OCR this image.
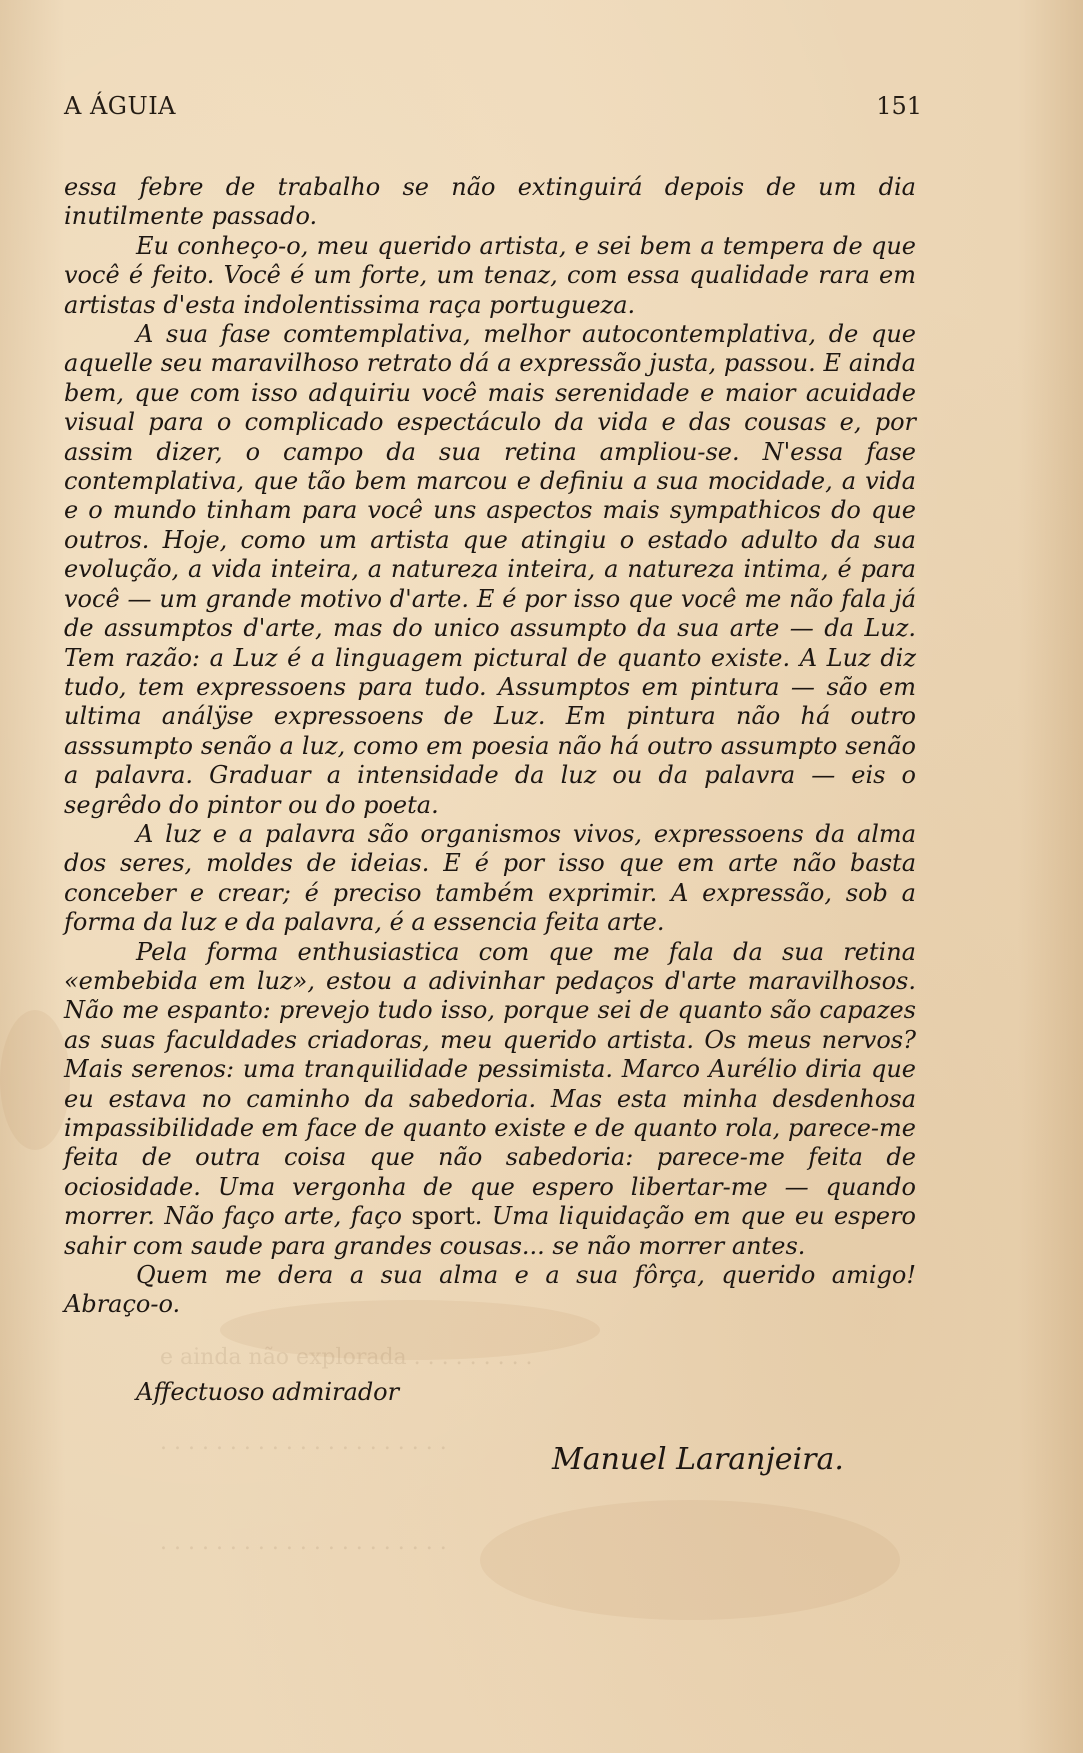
e ainda não explorada . . . . . . . . .
. . . . . . . . . . . . . . . . . . . . .
. . . . . . . . . . . . . . . . . . . . .
A ÁGUIA	151

essa febre de trabalho se não extinguirá depois de um dia inutilmente passado.

Eu conheço-o, meu querido artista, e sei bem a tempera de que você é feito. Você é um forte, um tenaz, com essa qualidade rara em artistas d'esta indolentissima raça portugueza.

A sua fase comtemplativa, melhor autocontemplativa, de que aquelle seu maravilhoso retrato dá a expressão justa, passou. E ainda bem, que com isso adquiriu você mais serenidade e maior acuidade visual para o complicado espectáculo da vida e das cousas e, por assim dizer, o campo da sua retina ampliou-se. N'essa fase contemplativa, que tão bem marcou e definiu a sua mocidade, a vida e o mundo tinham para você uns aspectos mais sympathicos do que outros. Hoje, como um artista que atingiu o estado adulto da sua evolução, a vida inteira, a natureza inteira, a natureza intima, é para você — um grande motivo d'arte. E é por isso que você me não fala já de assumptos d'arte, mas do unico assumpto da sua arte — da Luz. Tem razão: a Luz é a linguagem pictural de quanto existe. A Luz diz tudo, tem expressoens para tudo. Assumptos em pintura — são em ultima análÿse expressoens de Luz. Em pintura não há outro asssumpto senão a luz, como em poesia não há outro assumpto senão a palavra. Graduar a intensidade da luz ou da palavra — eis o segrêdo do pintor ou do poeta.

A luz e a palavra são organismos vivos, expressoens da alma dos seres, moldes de ideias. E é por isso que em arte não basta conceber e crear; é preciso também exprimir. A expressão, sob a forma da luz e da palavra, é a essencia feita arte.

Pela forma enthusiastica com que me fala da sua retina «embebida em luz», estou a adivinhar pedaços d'arte maravilhosos. Não me espanto: prevejo tudo isso, porque sei de quanto são capazes as suas faculdades criadoras, meu querido artista. Os meus nervos? Mais serenos: uma tranquilidade pessimista. Marco Aurélio diria que eu estava no caminho da sabedoria. Mas esta minha desdenhosa impassibilidade em face de quanto existe e de quanto rola, parece-me feita de outra coisa que não sabedoria: parece-me feita de ociosidade. Uma vergonha de que espero libertar-me — quando morrer. Não faço arte, faço sport. Uma liquidação em que eu espero sahir com saude para grandes cousas... se não morrer antes.

Quem me dera a sua alma e a sua fôrça, querido amigo! Abraço-o.

Affectuoso admirador
Manuel Laranjeira.
